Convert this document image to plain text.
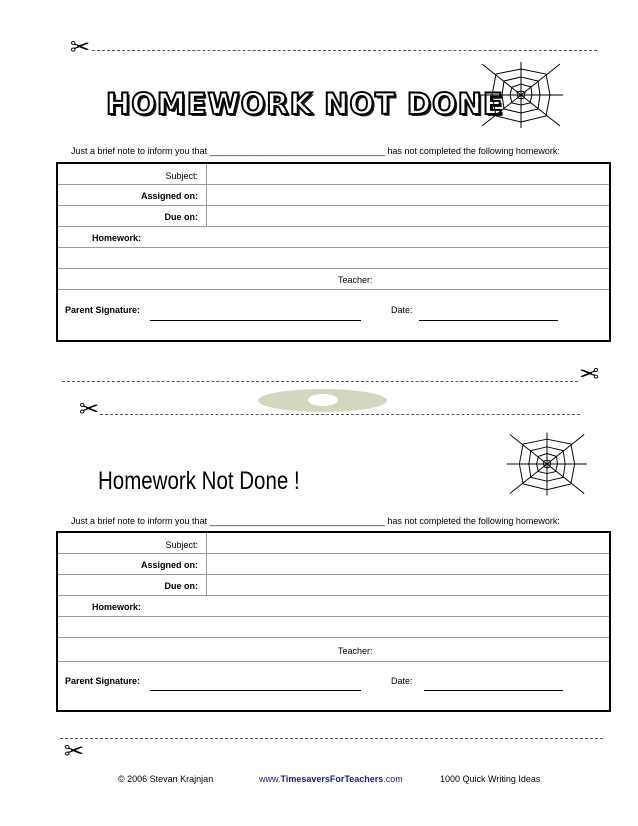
✂
HOMEWORK NOT DONE
Just a brief note to inform you that ___________________________________ has not completed the following homework:
Subject:
Assigned on:
Due on:
Homework:
Teacher:
Parent Signature:	Date:
✂
✂
Homework Not Done !
Just a brief note to inform you that ___________________________________ has not completed the following homework:
Subject:
Assigned on:
Due on:
Homework:
Teacher:
Parent Signature:	Date:
✂
© 2006 Stevan Krajnjan	www.TimesaversForTeachers.com	1000 Quick Writing Ideas
